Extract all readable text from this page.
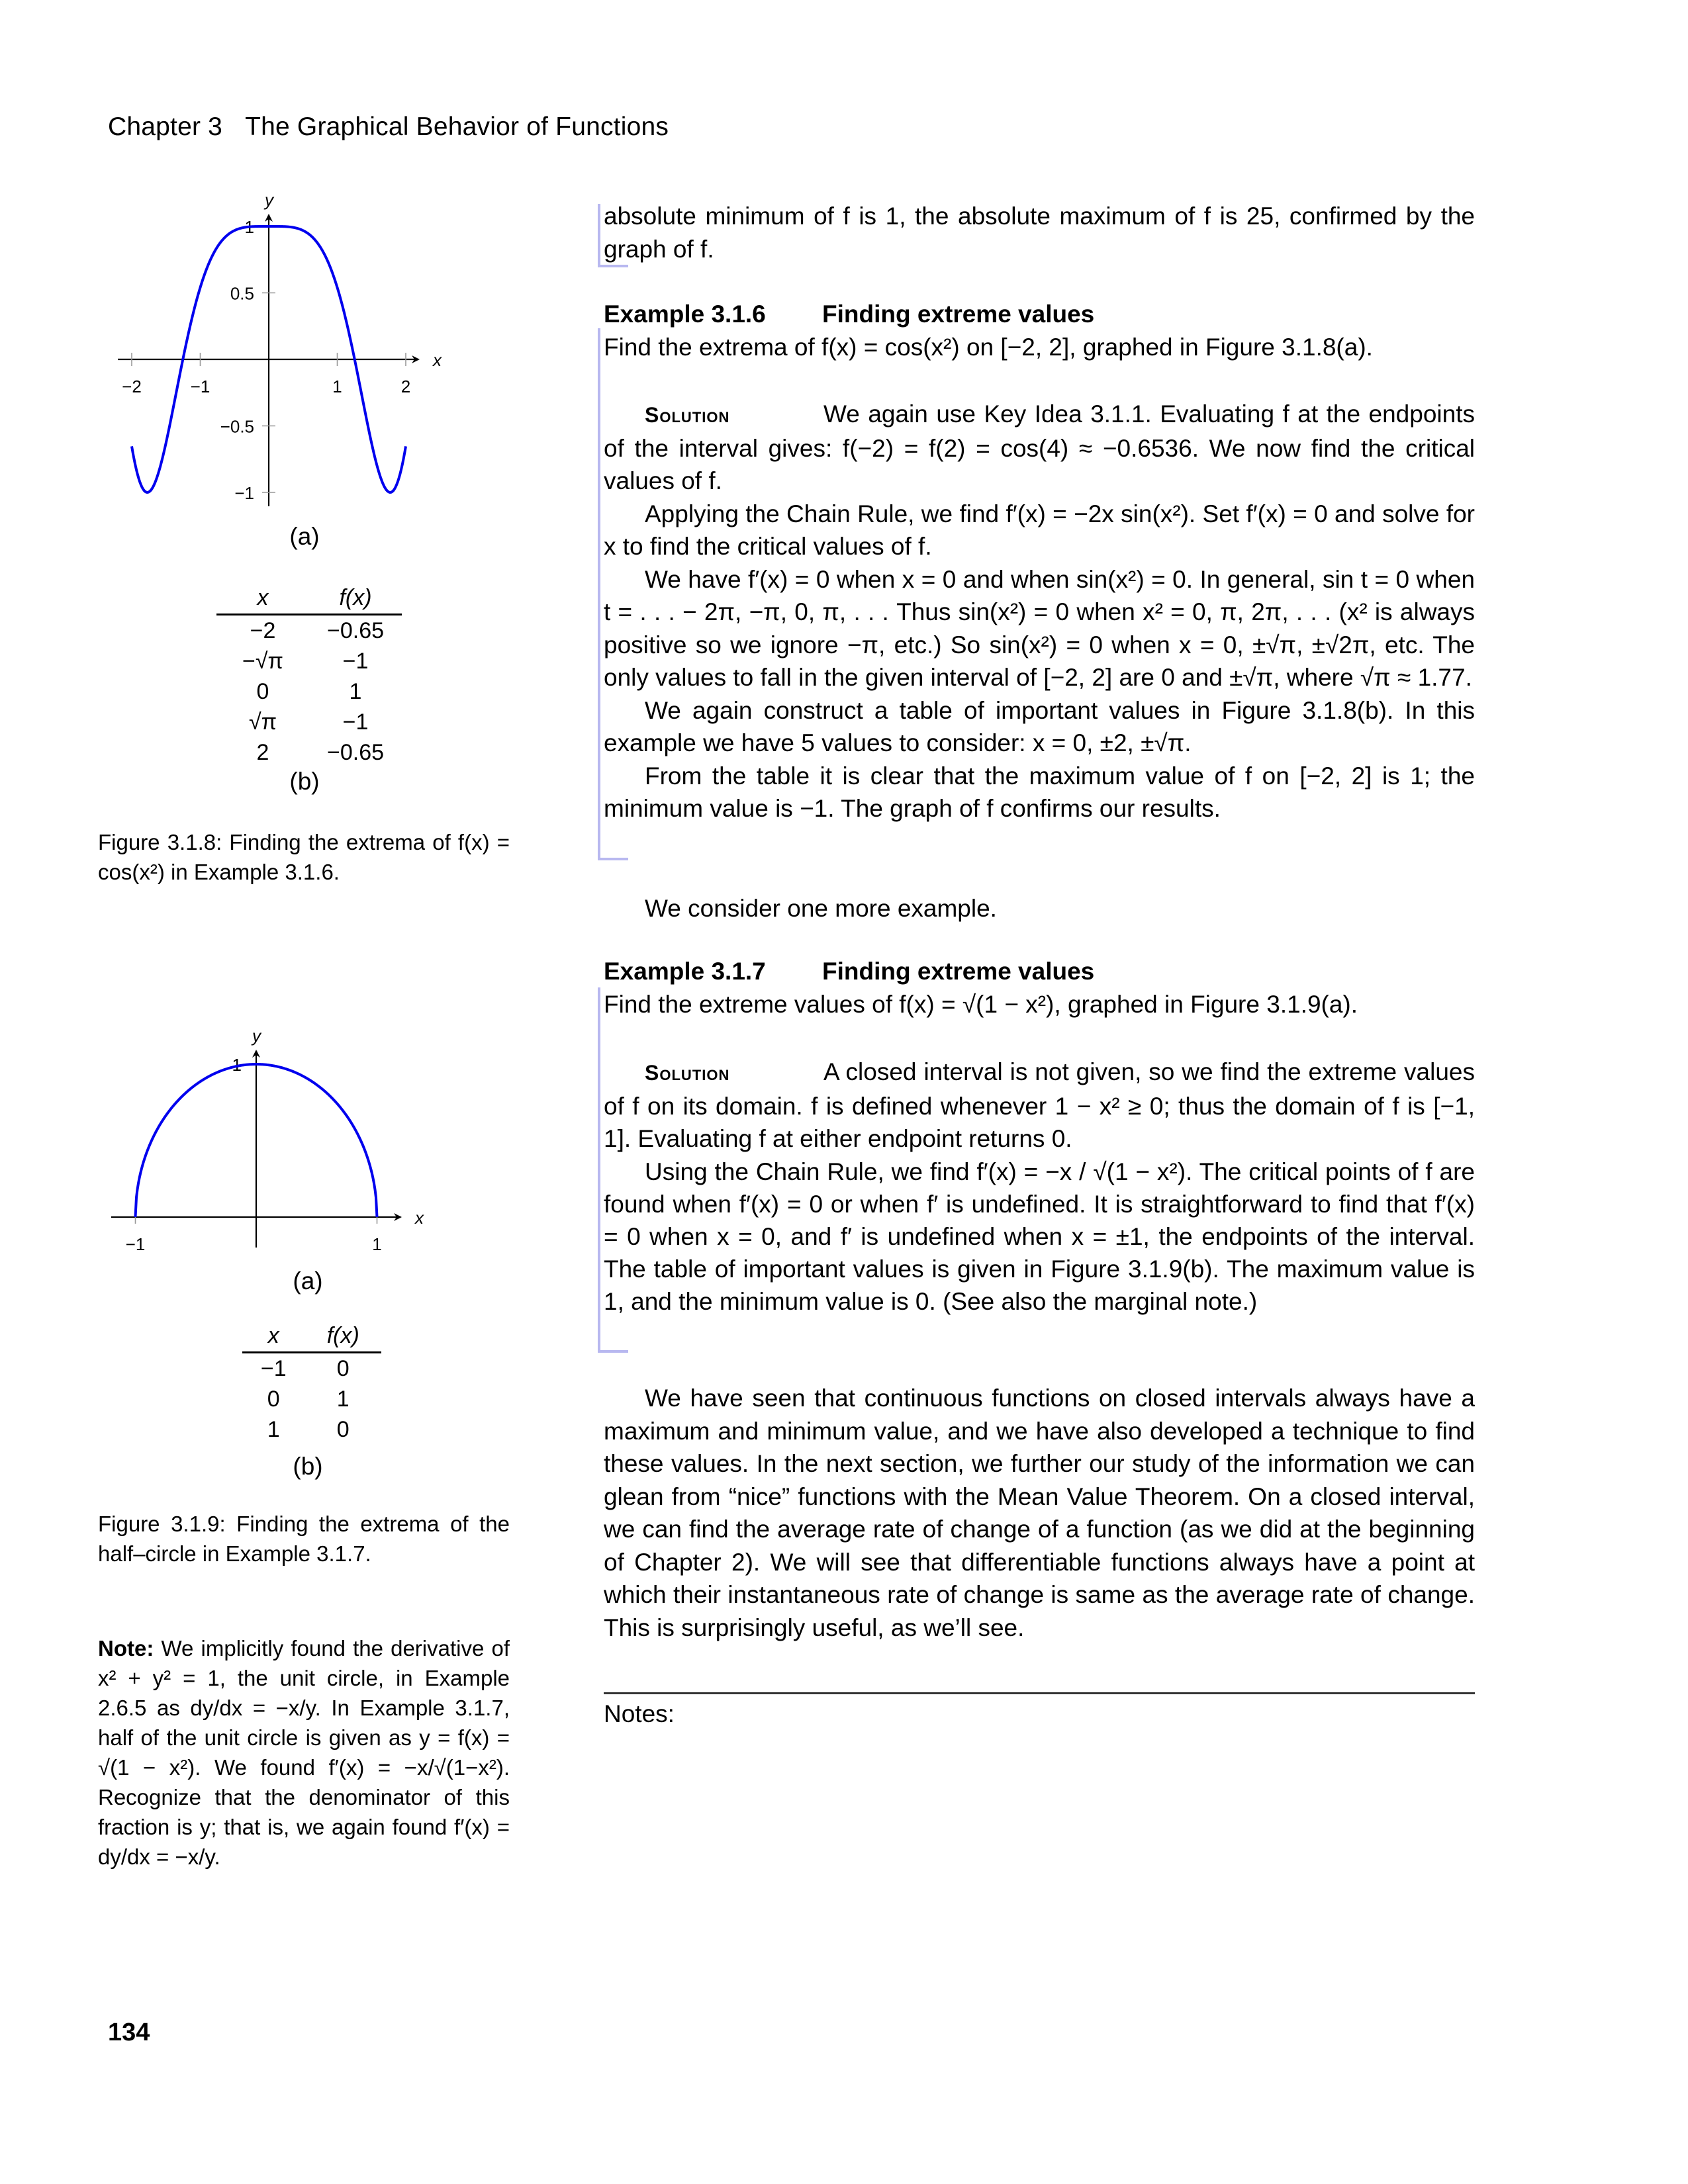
Chapter 3 The Graphical Behavior of Functions
x
y
−2	−1	1	2
1
0.5
−0.5
−1
(a)
x	f(x)
−2	−0.65
−√π	−1
0	1
√π	−1
2	−0.65
(b)
Figure 3.1.8: Finding the extrema of f(x) = cos(x²) in Example 3.1.6.
x
y
−1	1
1
(a)
x	f(x)
−1	0
0	1
1	0
(b)
Figure 3.1.9: Finding the extrema of the half–circle in Example 3.1.7.

Note: We implicitly found the derivative of x² + y² = 1, the unit circle, in Example 2.6.5 as dy/dx = −x/y. In Example 3.1.7, half of the unit circle is given as y = f(x) = √(1 − x²). We found f′(x) = −x/√(1−x²). Recognize that the denominator of this fraction is y; that is, we again found f′(x) = dy/dx = −x/y.

absolute minimum of f is 1, the absolute maximum of f is 25, confirmed by the graph of f.

Example 3.1.6 Finding extreme values

Find the extrema of f(x) = cos(x²) on [−2, 2], graphed in Figure 3.1.8(a).

Solution	We again use Key Idea 3.1.1. Evaluating f at the endpoints of the interval gives: f(−2) = f(2) = cos(4) ≈ −0.6536. We now find the critical values of f.

Applying the Chain Rule, we find f′(x) = −2x sin(x²). Set f′(x) = 0 and solve for x to find the critical values of f.

We have f′(x) = 0 when x = 0 and when sin(x²) = 0. In general, sin t = 0 when t = . . . − 2π, −π, 0, π, . . . Thus sin(x²) = 0 when x² = 0, π, 2π, . . . (x² is always positive so we ignore −π, etc.) So sin(x²) = 0 when x = 0, ±√π, ±√2π, etc. The only values to fall in the given interval of [−2, 2] are 0 and ±√π, where √π ≈ 1.77.

We again construct a table of important values in Figure 3.1.8(b). In this example we have 5 values to consider: x = 0, ±2, ±√π.

From the table it is clear that the maximum value of f on [−2, 2] is 1; the minimum value is −1. The graph of f confirms our results.

We consider one more example.

Example 3.1.7 Finding extreme values

Find the extreme values of f(x) = √(1 − x²), graphed in Figure 3.1.9(a).

Solution	A closed interval is not given, so we find the extreme values of f on its domain. f is defined whenever 1 − x² ≥ 0; thus the domain of f is [−1, 1]. Evaluating f at either endpoint returns 0.

Using the Chain Rule, we find f′(x) = −x / √(1 − x²). The critical points of f are found when f′(x) = 0 or when f′ is undefined. It is straightforward to find that f′(x) = 0 when x = 0, and f′ is undefined when x = ±1, the endpoints of the interval. The table of important values is given in Figure 3.1.9(b). The maximum value is 1, and the minimum value is 0. (See also the marginal note.)

We have seen that continuous functions on closed intervals always have a maximum and minimum value, and we have also developed a technique to find these values. In the next section, we further our study of the information we can glean from “nice” functions with the Mean Value Theorem. On a closed interval, we can find the average rate of change of a function (as we did at the beginning of Chapter 2). We will see that differentiable functions always have a point at which their instantaneous rate of change is same as the average rate of change. This is surprisingly useful, as we’ll see.

Notes:
134
